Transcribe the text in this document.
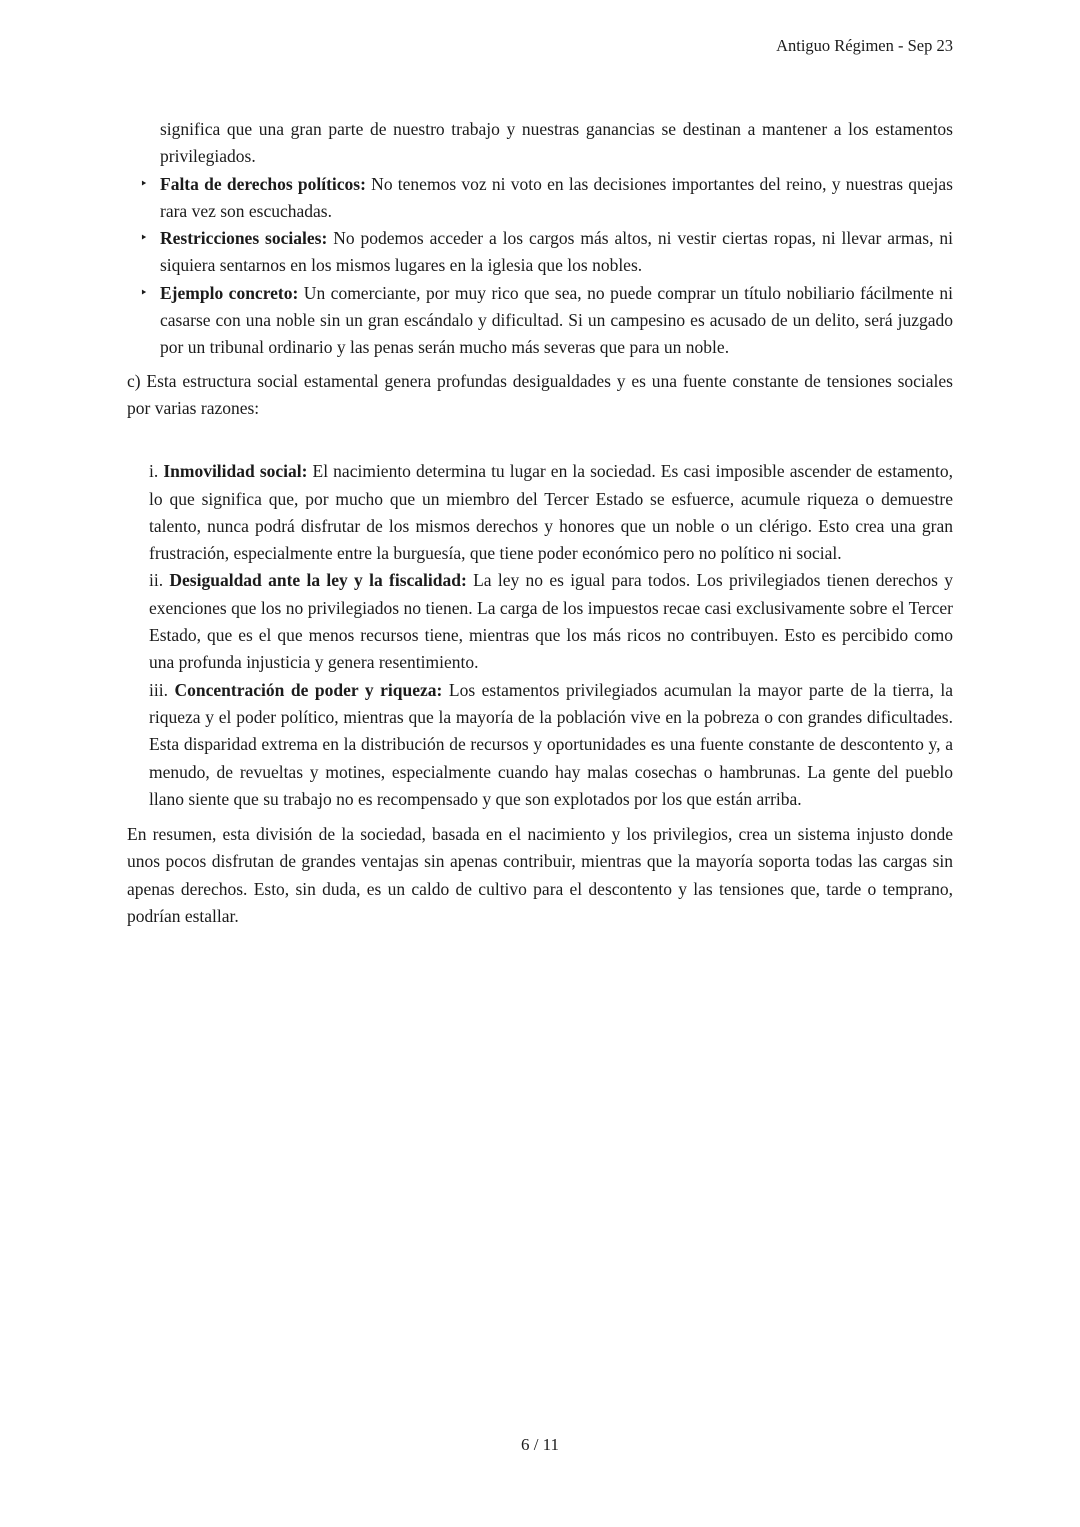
Antiguo Régimen - Sep 23

significa que una gran parte de nuestro trabajo y nuestras ganancias se destinan a mantener a los estamentos privilegiados.

‣ Falta de derechos políticos: No tenemos voz ni voto en las decisiones importantes del reino, y nuestras quejas rara vez son escuchadas.

‣ Restricciones sociales: No podemos acceder a los cargos más altos, ni vestir ciertas ropas, ni llevar armas, ni siquiera sentarnos en los mismos lugares en la iglesia que los nobles.

‣ Ejemplo concreto: Un comerciante, por muy rico que sea, no puede comprar un título nobiliario fácilmente ni casarse con una noble sin un gran escándalo y dificultad. Si un campesino es acusado de un delito, será juzgado por un tribunal ordinario y las penas serán mucho más severas que para un noble.

c) Esta estructura social estamental genera profundas desigualdades y es una fuente constante de tensiones sociales por varias razones:

i. Inmovilidad social: El nacimiento determina tu lugar en la sociedad. Es casi imposible ascender de estamento, lo que significa que, por mucho que un miembro del Tercer Estado se esfuerce, acumule riqueza o demuestre talento, nunca podrá disfrutar de los mismos derechos y honores que un noble o un clérigo. Esto crea una gran frustración, especialmente entre la burguesía, que tiene poder económico pero no político ni social.

ii. Desigualdad ante la ley y la fiscalidad: La ley no es igual para todos. Los privilegiados tienen derechos y exenciones que los no privilegiados no tienen. La carga de los impuestos recae casi exclusivamente sobre el Tercer Estado, que es el que menos recursos tiene, mientras que los más ricos no contribuyen. Esto es percibido como una profunda injusticia y genera resentimiento.

iii. Concentración de poder y riqueza: Los estamentos privilegiados acumulan la mayor parte de la tierra, la riqueza y el poder político, mientras que la mayoría de la población vive en la pobreza o con grandes dificultades. Esta disparidad extrema en la distribución de recursos y oportunidades es una fuente constante de descontento y, a menudo, de revueltas y motines, especialmente cuando hay malas cosechas o hambrunas. La gente del pueblo llano siente que su trabajo no es recompensado y que son explotados por los que están arriba.

En resumen, esta división de la sociedad, basada en el nacimiento y los privilegios, crea un sistema injusto donde unos pocos disfrutan de grandes ventajas sin apenas contribuir, mientras que la mayoría soporta todas las cargas sin apenas derechos. Esto, sin duda, es un caldo de cultivo para el descontento y las tensiones que, tarde o temprano, podrían estallar.

6 / 11
